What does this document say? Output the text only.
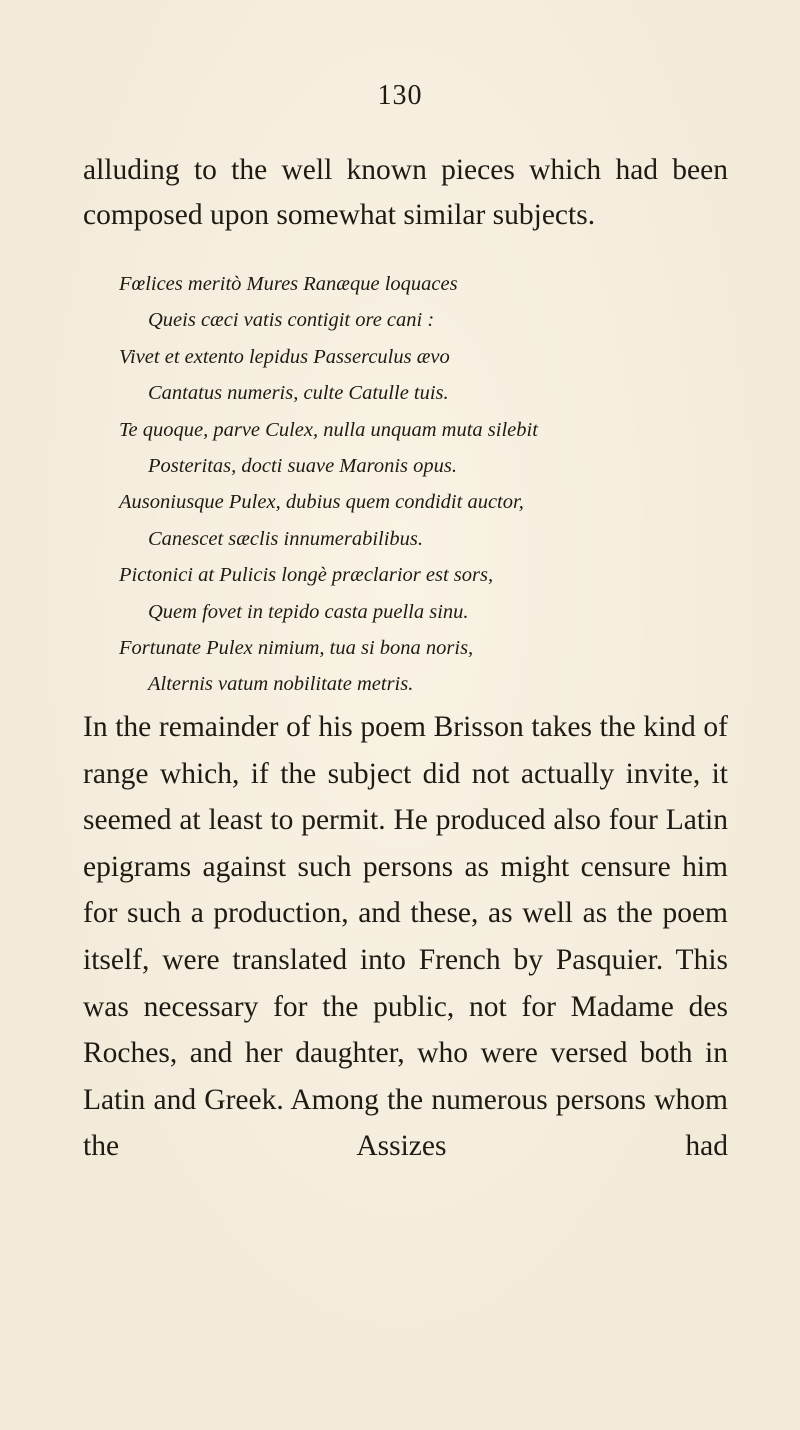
130

alluding to the well known pieces which had been composed upon somewhat similar subjects.

Fœlices meritò Mures Ranæque loquaces
Queis cæci vatis contigit ore cani :
Vivet et extento lepidus Passerculus ævo
Cantatus numeris, culte Catulle tuis.
Te quoque, parve Culex, nulla unquam muta silebit
Posteritas, docti suave Maronis opus.
Ausoniusque Pulex, dubius quem condidit auctor,
Canescet sæclis innumerabilibus.
Pictonici at Pulicis longè præclarior est sors,
Quem fovet in tepido casta puella sinu.
Fortunate Pulex nimium, tua si bona noris,
Alternis vatum nobilitate metris.

In the remainder of his poem Brisson takes the kind of range which, if the subject did not actually invite, it seemed at least to permit. He produced also four Latin epigrams against such persons as might censure him for such a production, and these, as well as the poem itself, were translated into French by Pasquier. This was necessary for the public, not for Madame des Roches, and her daughter, who were versed both in Latin and Greek. Among the numerous persons whom the Assizes had
